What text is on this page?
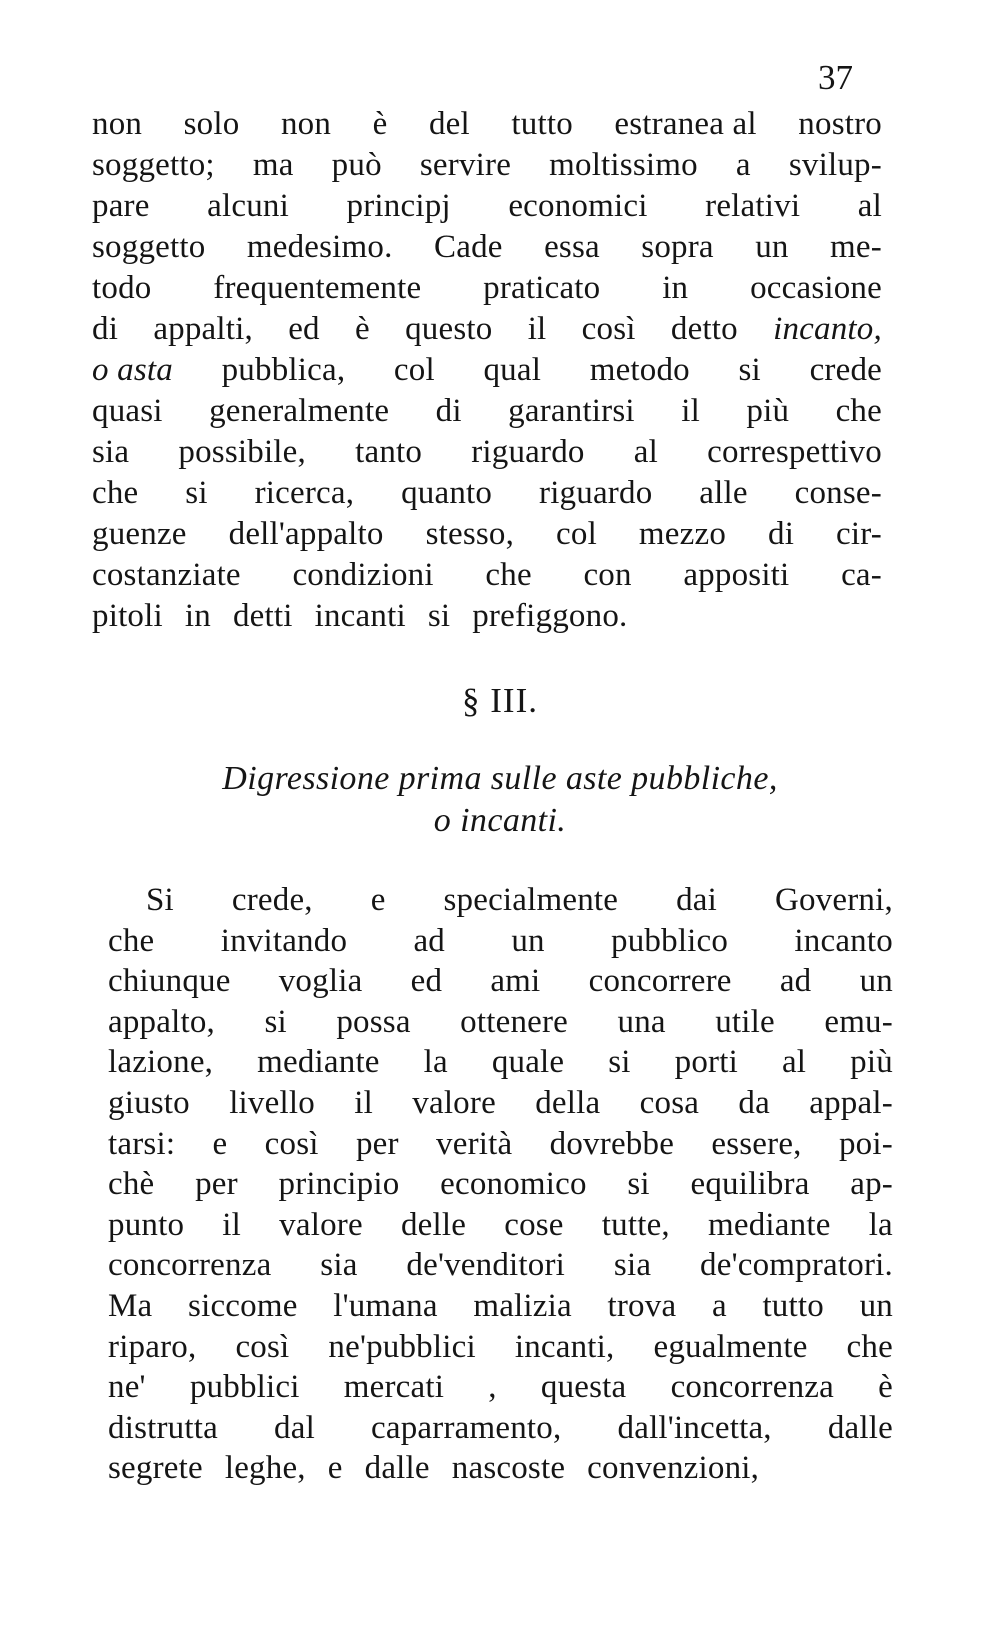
37
non solo non è del tutto estranea al nostro
soggetto; ma può servire moltissimo a svilup-
pare alcuni principj economici relativi al
soggetto medesimo. Cade essa sopra un me-
todo frequentemente praticato in occasione
di appalti, ed è questo il così detto incanto,
o asta pubblica, col qual metodo si crede
quasi generalmente di garantirsi il più che
sia possibile, tanto riguardo al correspettivo
che si ricerca, quanto riguardo alle conse-
guenze dell'appalto stesso, col mezzo di cir-
costanziate condizioni che con appositi ca-
pitoli in detti incanti si prefiggono.
§ III.
Digressione prima sulle aste pubbliche,
o incanti.
Si crede, e specialmente dai Governi,
che invitando ad un pubblico incanto
chiunque voglia ed ami concorrere ad un
appalto, si possa ottenere una utile emu-
lazione, mediante la quale si porti al più
giusto livello il valore della cosa da appal-
tarsi: e così per verità dovrebbe essere, poi-
chè per principio economico si equilibra ap-
punto il valore delle cose tutte, mediante la
concorrenza sia de'venditori sia de'compratori.
Ma siccome l'umana malizia trova a tutto un
riparo, così ne'pubblici incanti, egualmente che
ne' pubblici mercati , questa concorrenza è
distrutta dal caparramento, dall'incetta, dalle
segrete leghe, e dalle nascoste convenzioni,
